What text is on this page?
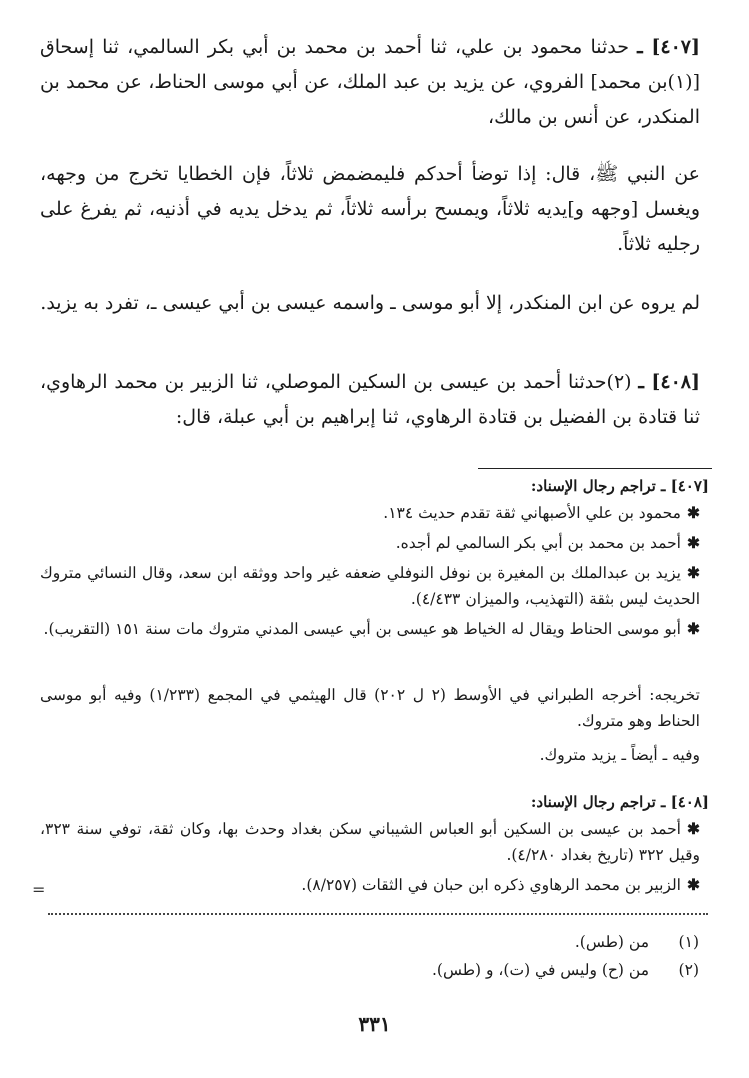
[٤٠٧] ـ حدثنا محمود بن علي، ثنا أحمد بن محمد بن أبي بكر السالمي، ثنا إسحاق [(١)بن محمد] الفروي، عن يزيد بن عبد الملك، عن أبي موسى الحناط، عن محمد بن المنكدر، عن أنس بن مالك،
عن النبي ﷺ، قال: إذا توضأ أحدكم فليمضمض ثلاثاً، فإن الخطايا تخرج من وجهه، ويغسل [وجهه و]يديه ثلاثاً، ويمسح برأسه ثلاثاً، ثم يدخل يديه في أذنيه، ثم يفرغ على رجليه ثلاثاً.
لم يروه عن ابن المنكدر، إلا أبو موسى ـ واسمه عيسى بن أبي عيسى ـ، تفرد به يزيد.
[٤٠٨] ـ (٢)حدثنا أحمد بن عيسى بن السكين الموصلي، ثنا الزبير بن محمد الرهاوي، ثنا قتادة بن الفضيل بن قتادة الرهاوي، ثنا إبراهيم بن أبي عبلة، قال:
[٤٠٧] ـ تراجم رجال الإسناد:
✱محمود بن علي الأصبهاني ثقة تقدم حديث ١٣٤.
✱أحمد بن محمد بن أبي بكر السالمي لم أجده.
✱يزيد بن عبدالملك بن المغيرة بن نوفل النوفلي ضعفه غير واحد ووثقه ابن سعد، وقال النسائي متروك الحديث ليس بثقة (التهذيب، والميزان ٤/٤٣٣).
✱أبو موسى الحناط ويقال له الخياط هو عيسى بن أبي عيسى المدني متروك مات سنة ١٥١ (التقريب).
تخريجه: أخرجه الطبراني في الأوسط (٢ ل ٢٠٢) قال الهيثمي في المجمع (١/٢٣٣) وفيه أبو موسى الحناط وهو متروك.
وفيه ـ أيضاً ـ يزيد متروك.
[٤٠٨] ـ تراجم رجال الإسناد:
✱أحمد بن عيسى بن السكين أبو العباس الشيباني سكن بغداد وحدث بها، وكان ثقة، توفي سنة ٣٢٣، وقيل ٣٢٢ (تاريخ بغداد ٤/٢٨٠).
✱الزبير بن محمد الرهاوي ذكره ابن حبان في الثقات (٨/٢٥٧).
(١)من (طس).
(٢)من (ح) وليس في (ت)، و (طس).
٣٣١
=
